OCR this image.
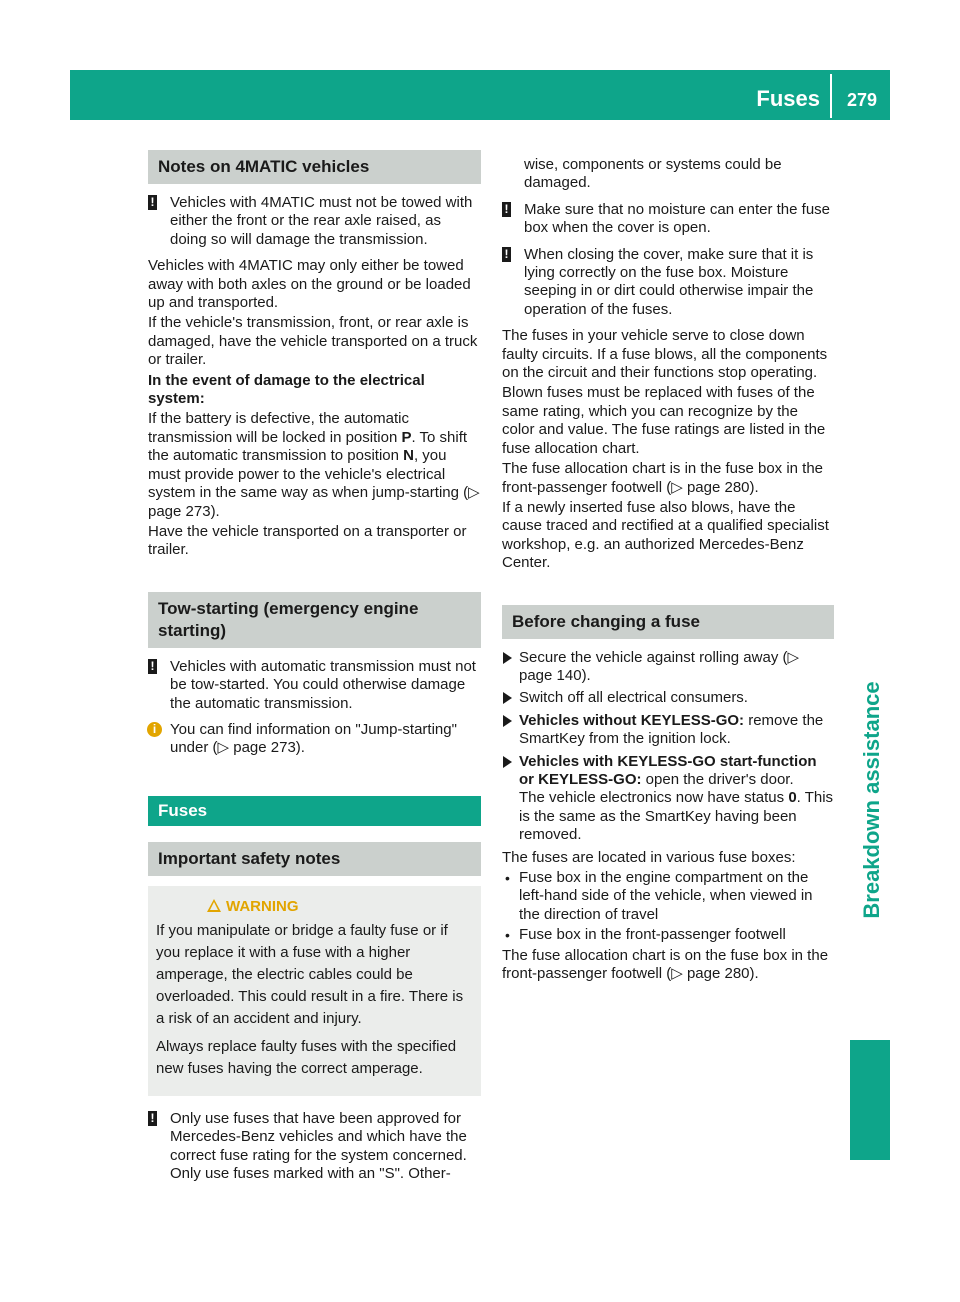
Fuses	279
Breakdown assistance
Notes on 4MATIC vehicles
! Vehicles with 4MATIC must not be towed with either the front or the rear axle raised, as doing so will damage the transmission.

Vehicles with 4MATIC may only either be towed away with both axles on the ground or be loaded up and transported.

If the vehicle's transmission, front, or rear axle is damaged, have the vehicle transported on a truck or trailer.

In the event of damage to the electrical system:

If the battery is defective, the automatic transmission will be locked in position P. To shift the automatic transmission to position N, you must provide power to the vehicle's electrical system in the same way as when jump-starting (▷ page 273).

Have the vehicle transported on a transporter or trailer.

Tow-starting (emergency engine starting)
! Vehicles with automatic transmission must not be tow-started. You could otherwise damage the automatic transmission.
i You can find information on "Jump-starting" under (▷ page 273).
Fuses
Important safety notes
WARNING

If you manipulate or bridge a faulty fuse or if you replace it with a fuse with a higher amperage, the electric cables could be overloaded. This could result in a fire. There is a risk of an accident and injury.

Always replace faulty fuses with the specified new fuses having the correct amperage.

! Only use fuses that have been approved for Mercedes-Benz vehicles and which have the correct fuse rating for the system concerned. Only use fuses marked with an "S". Other-

wise, components or systems could be damaged.

! Make sure that no moisture can enter the fuse box when the cover is open.
! When closing the cover, make sure that it is lying correctly on the fuse box. Moisture seeping in or dirt could otherwise impair the operation of the fuses.

The fuses in your vehicle serve to close down faulty circuits. If a fuse blows, all the components on the circuit and their functions stop operating.

Blown fuses must be replaced with fuses of the same rating, which you can recognize by the color and value. The fuse ratings are listed in the fuse allocation chart.

The fuse allocation chart is in the fuse box in the front-passenger footwell (▷ page 280).

If a newly inserted fuse also blows, have the cause traced and rectified at a qualified specialist workshop, e.g. an authorized Mercedes-Benz Center.

Before changing a fuse
Secure the vehicle against rolling away (▷ page 140).
Switch off all electrical consumers.
Vehicles without KEYLESS-GO: remove the SmartKey from the ignition lock.
Vehicles with KEYLESS-GO start-function or KEYLESS-GO: open the driver's door.
The vehicle electronics now have status 0. This is the same as the SmartKey having been removed.

The fuses are located in various fuse boxes:

• Fuse box in the engine compartment on the left-hand side of the vehicle, when viewed in the direction of travel
• Fuse box in the front-passenger footwell

The fuse allocation chart is on the fuse box in the front-passenger footwell (▷ page 280).
